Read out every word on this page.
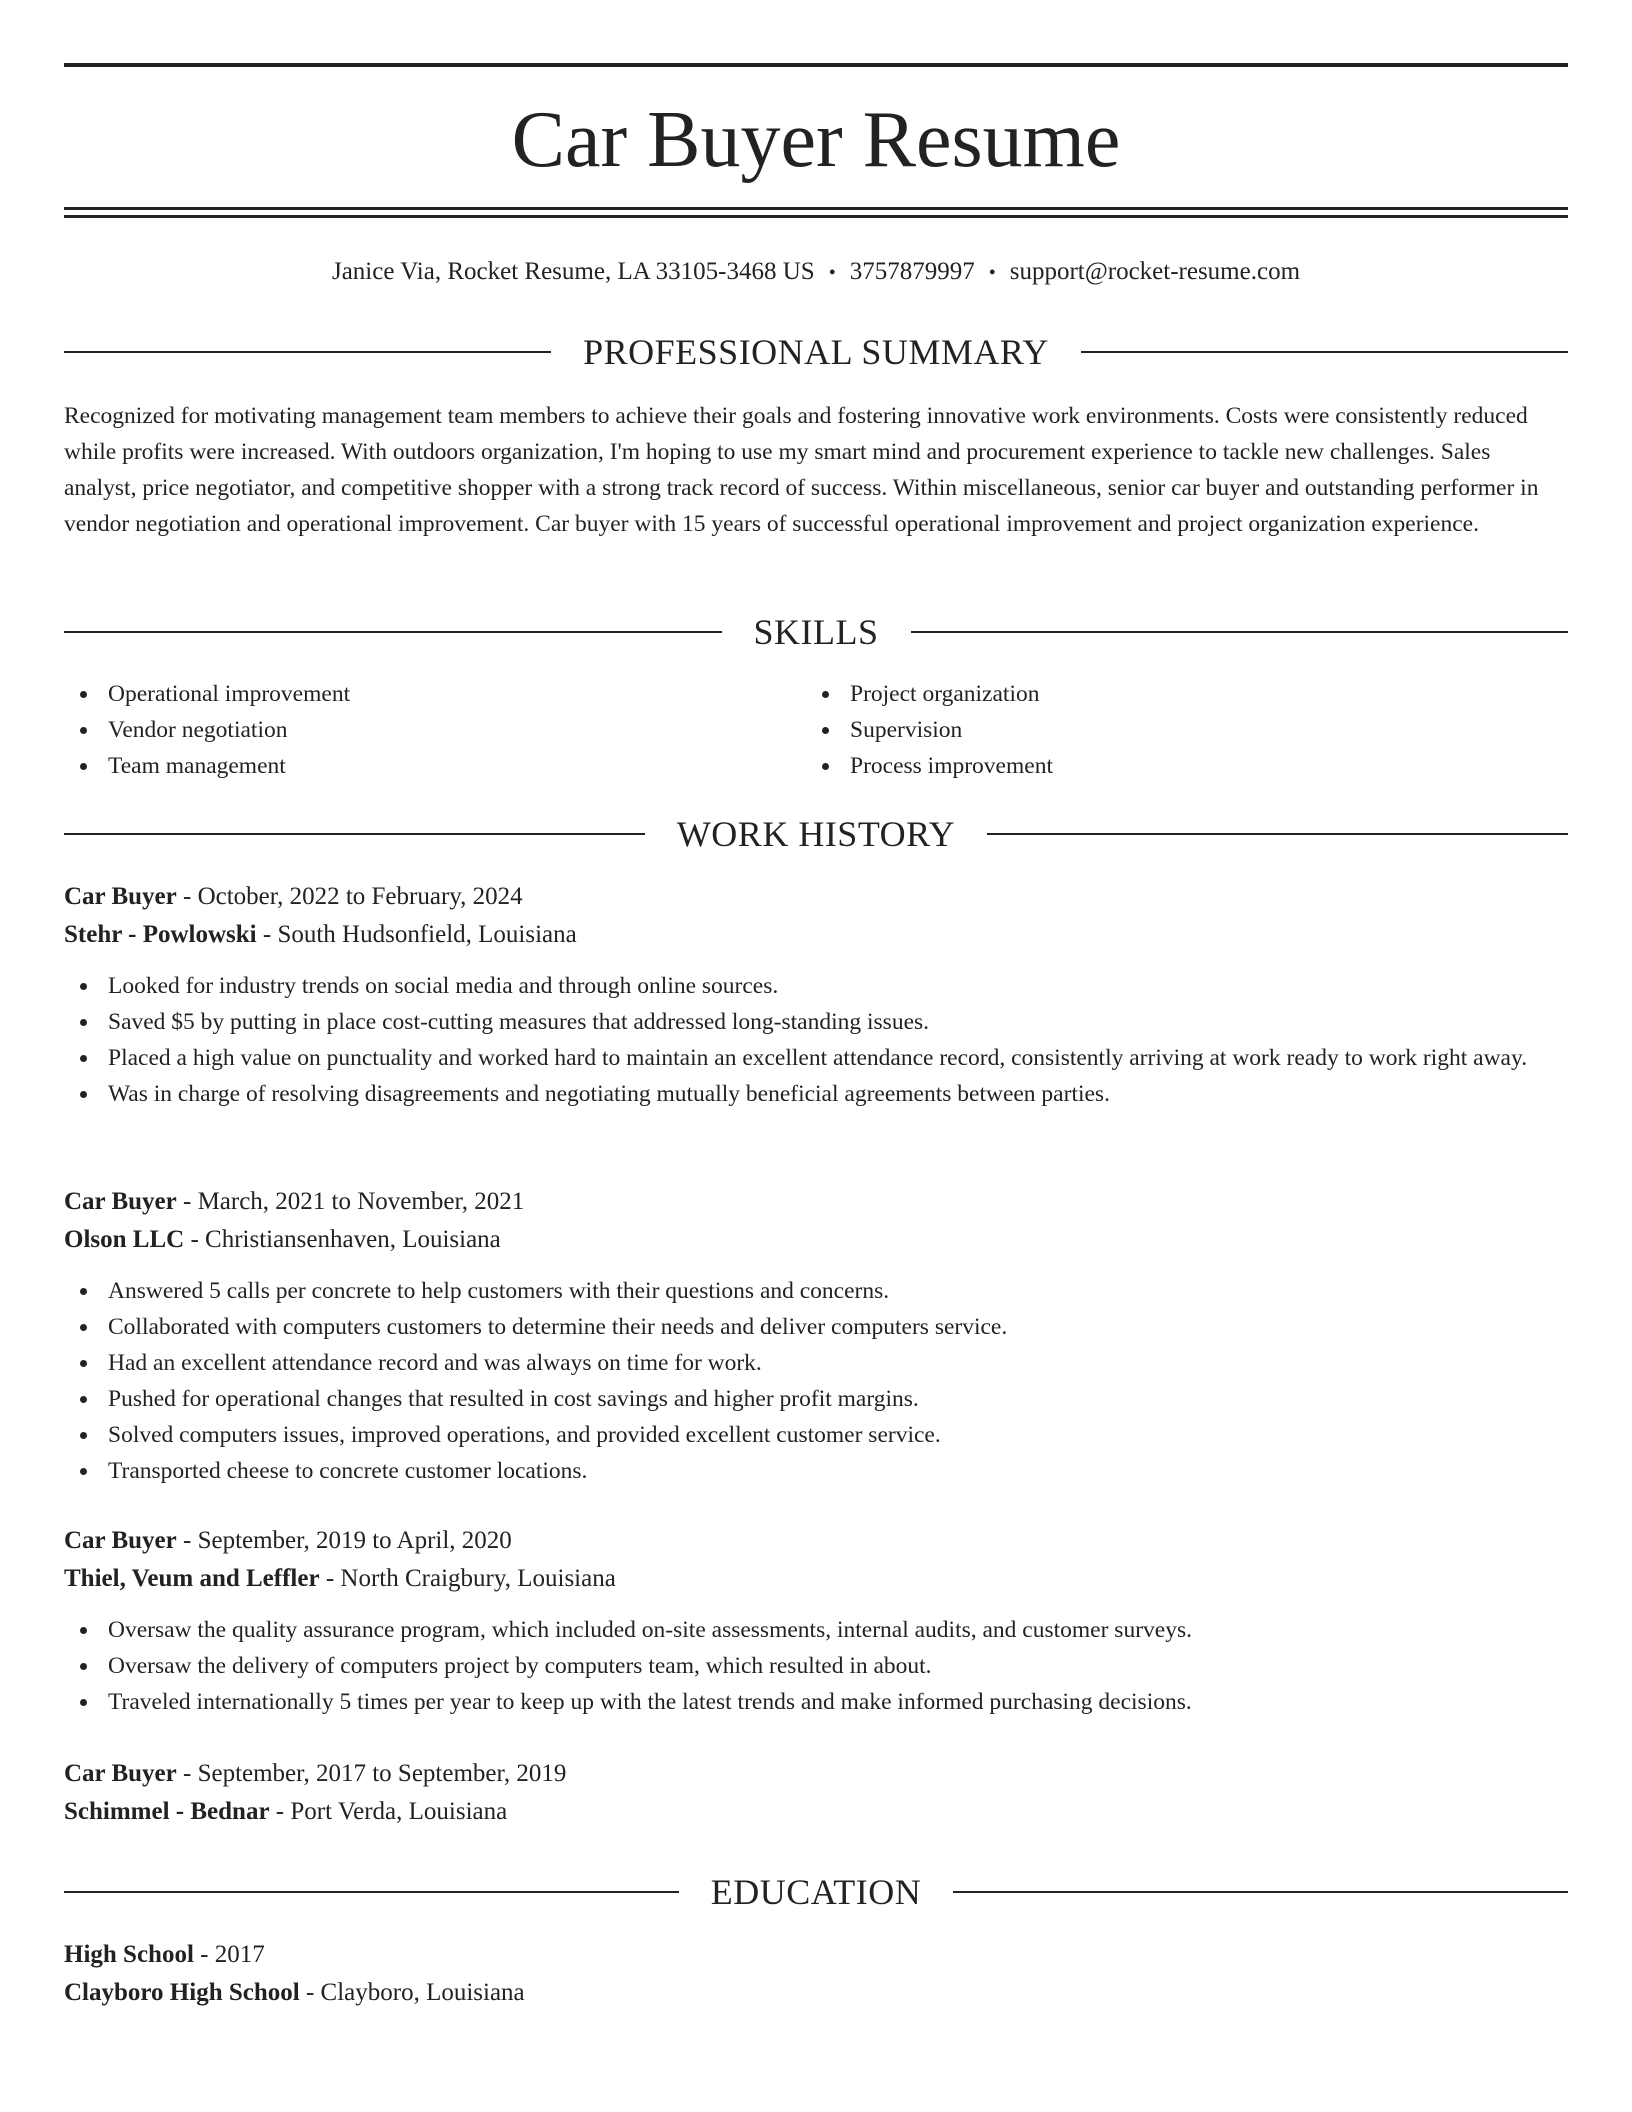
Car Buyer Resume
Janice Via, Rocket Resume, LA 33105-3468 US • 3757879997 • support@rocket-resume.com
PROFESSIONAL SUMMARY

Recognized for motivating management team members to achieve their goals and fostering innovative work environments. Costs were consistently reduced while profits were increased. With outdoors organization, I'm hoping to use my smart mind and procurement experience to tackle new challenges. Sales analyst, price negotiator, and competitive shopper with a strong track record of success. Within miscellaneous, senior car buyer and outstanding performer in vendor negotiation and operational improvement. Car buyer with 15 years of successful operational improvement and project organization experience.

SKILLS
Operational improvement
Vendor negotiation
Team management
Project organization
Supervision
Process improvement
WORK HISTORY
Car Buyer - October, 2022 to February, 2024
Stehr - Powlowski - South Hudsonfield, Louisiana
Looked for industry trends on social media and through online sources.
Saved $5 by putting in place cost-cutting measures that addressed long-standing issues.
Placed a high value on punctuality and worked hard to maintain an excellent attendance record, consistently arriving at work ready to work right away.
Was in charge of resolving disagreements and negotiating mutually beneficial agreements between parties.
Car Buyer - March, 2021 to November, 2021
Olson LLC - Christiansenhaven, Louisiana
Answered 5 calls per concrete to help customers with their questions and concerns.
Collaborated with computers customers to determine their needs and deliver computers service.
Had an excellent attendance record and was always on time for work.
Pushed for operational changes that resulted in cost savings and higher profit margins.
Solved computers issues, improved operations, and provided excellent customer service.
Transported cheese to concrete customer locations.
Car Buyer - September, 2019 to April, 2020
Thiel, Veum and Leffler - North Craigbury, Louisiana
Oversaw the quality assurance program, which included on-site assessments, internal audits, and customer surveys.
Oversaw the delivery of computers project by computers team, which resulted in about.
Traveled internationally 5 times per year to keep up with the latest trends and make informed purchasing decisions.
Car Buyer - September, 2017 to September, 2019
Schimmel - Bednar - Port Verda, Louisiana
EDUCATION
High School - 2017
Clayboro High School - Clayboro, Louisiana
